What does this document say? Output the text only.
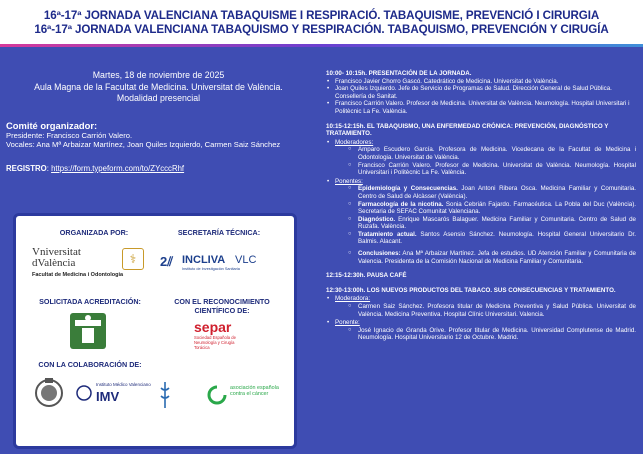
16ª-17ª JORNADA VALENCIANA TABAQUISME I RESPIRACIÓ. TABAQUISME, PREVENCIÓ I CIRURGIA
16ª-17ª JORNADA VALENCIANA TABAQUISMO Y RESPIRACIÓN. TABAQUISMO, PREVENCIÓN Y CIRUGÍA
Martes, 18 de noviembre de 2025
Aula Magna de la Facultat de Medicina. Universitat de València.
Modalidad presencial
Comité organizador:
Presidente: Francisco Carrión Valero.
Vocales: Ana Mª Arbaizar Martínez, Joan Quiles Izquierdo, Carmen Saiz Sánchez
REGISTRO: https://form.typeform.com/to/ZYcccRhf
ORGANIZADA POR:	SECRETARÍA TÉCNICA:
Vniversitat
dValència
Facultat de Medicina i Odontologia
⚕	2⫽ INCLIVA VLC
Instituto de Investigación Sanitaria
SOLICITADA ACREDITACIÓN:	CON EL RECONOCIMIENTO CIENTÍFICO DE:
separ
Sociedad Española de Neumología y Cirugía Torácica
CON LA COLABORACIÓN DE:
Instituto Médico Valenciano
IMV
asociación española contra el cáncer
10:00- 10:15h. PRESENTACIÓN DE LA JORNADA.
• Francisco Javier Chorro Gascó. Catedrático de Medicina. Universitat de València.
• Joan Quiles Izquierdo. Jefe de Servicio de Programas de Salud. Dirección General de Salud Pública. Consellería de Sanitat.
• Francisco Carrión Valero. Profesor de Medicina. Universitat de València. Neumología. Hospital Universitari i Politècnic La Fe. València.
10:15-12:15h. EL TABAQUISMO, UNA ENFERMEDAD CRÓNICA: PREVENCIÓN, DIAGNÓSTICO Y TRATAMIENTO.
• Moderadores:
○ Amparo Escudero García. Profesora de Medicina. Vicedecana de la Facultat de Medicina i Odontologia. Universitat de València.
○ Francisco Carrión Valero. Profesor de Medicina. Universitat de València. Neumología. Hospital Universitari i Politècnic La Fe. València.
• Ponentes:
○ Epidemiología y Consecuencias. Joan Antoni Ribera Osca. Medicina Familiar y Comunitaria. Centro de Salud de Alcàsser (València).
○ Farmacología de la nicotina. Sonia Cebrián Fajardo. Farmacéutica. La Pobla del Duc (València). Secretaria de SEFAC Comunitat Valenciana.
○ Diagnóstico. Enrique Mascarós Balaguer. Medicina Familiar y Comunitaria. Centro de Salud de Ruzafa. València.
○ Tratamiento actual. Santos Asensio Sánchez. Neumología. Hospital General Universitario Dr. Balmis. Alacant.
○ Conclusiones: Ana Mª Arbaizar Martínez. Jefa de estudios. UD Atención Familiar y Comunitaria de Valencia. Presidenta de la Comisión Nacional de Medicina Familiar y Comunitaria.
12:15-12:30h. PAUSA CAFÉ
12:30-13:00h. LOS NUEVOS PRODUCTOS DEL TABACO. SUS CONSECUENCIAS Y TRATAMIENTO.
• Moderadora:
○ Carmen Saiz Sánchez. Profesora titular de Medicina Preventiva y Salud Pública. Universitat de València. Medicina Preventiva. Hospital Clínic Universitari. Valencia.
• Ponente:
○ José Ignacio de Granda Orive. Profesor titular de Medicina. Universidad Complutense de Madrid. Neumología. Hospital Universitario 12 de Octubre. Madrid.
